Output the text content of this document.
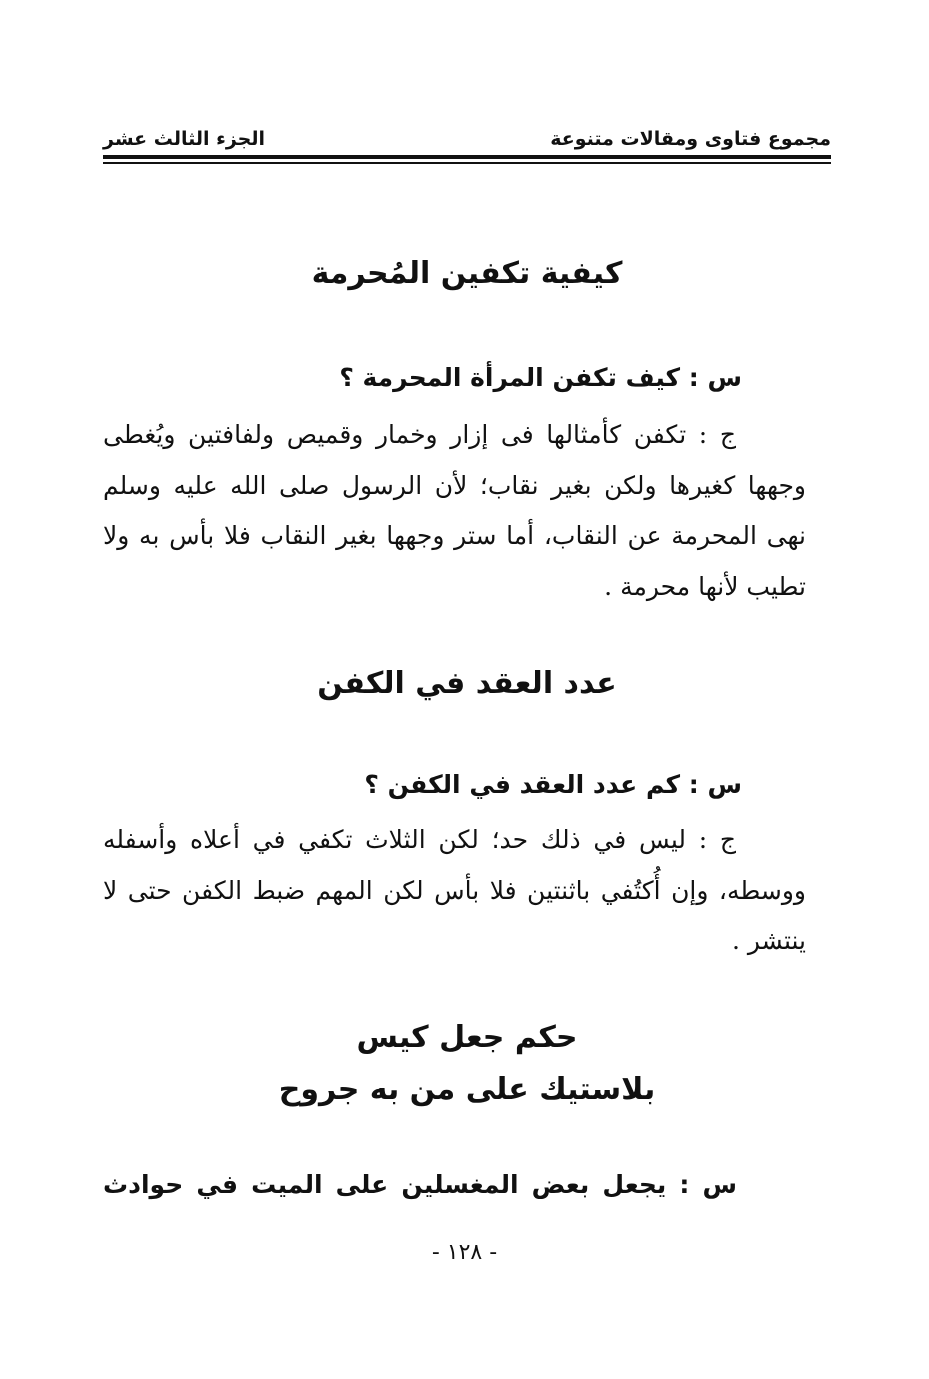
مجموع فتاوى ومقالات متنوعة
الجزء الثالث عشر
كيفية تكفين المُحرمة

س : كيف تكفن المرأة المحرمة ؟

ج : تكفن كأمثالها فى إزار وخمار وقميص ولفافتين ويُغطى وجهها كغيرها ولكن بغير نقاب؛ لأن الرسول صلى الله عليه وسلم نهى المحرمة عن النقاب، أما ستر وجهها بغير النقاب فلا بأس به ولا تطيب لأنها محرمة .

عدد العقد في الكفن

س : كم عدد العقد في الكفن ؟

ج : ليس في ذلك حد؛ لكن الثلاث تكفي في أعلاه وأسفله ووسطه، وإن أُكتُفي باثنتين فلا بأس لكن المهم ضبط الكفن حتى لا ينتشر .

حكم جعل كيس
بلاستيك على من به جروح

س : يجعل بعض المغسلين على الميت في حوادث

- ١٢٨ -
